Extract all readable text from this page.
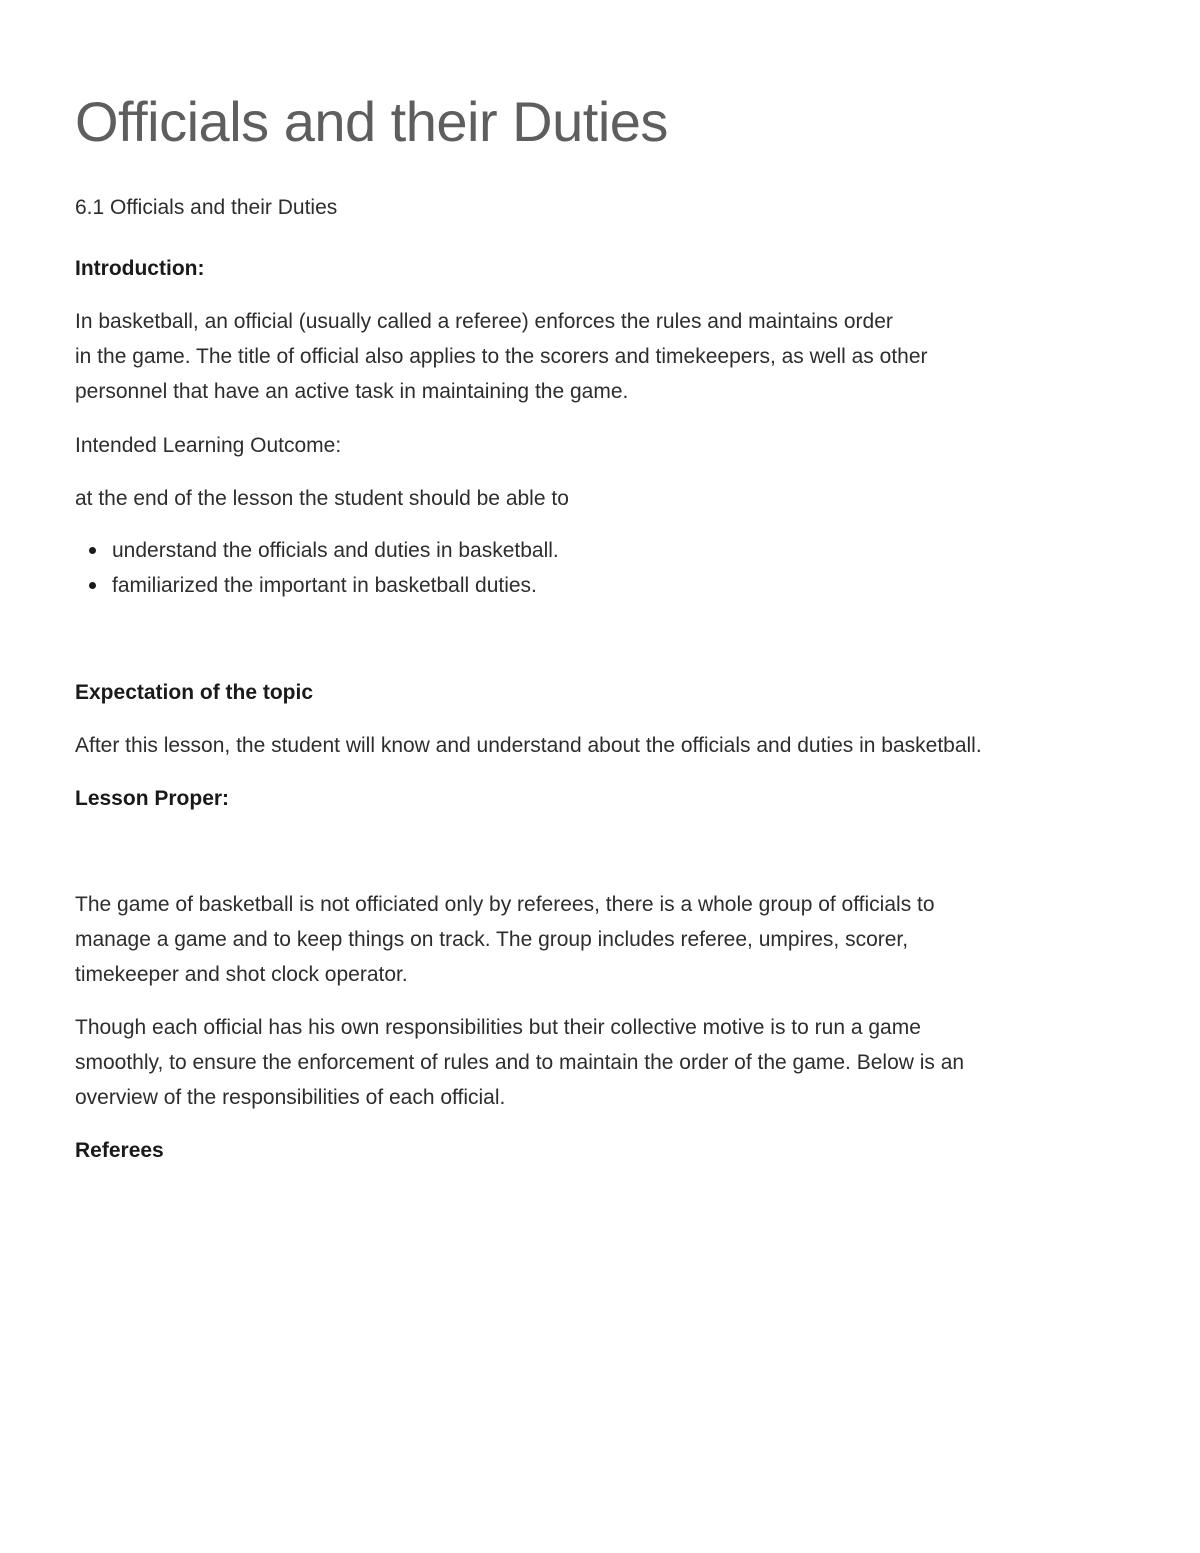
Officials and their Duties

6.1 Officials and their Duties

Introduction:

In basketball, an official (usually called a referee) enforces the rules and maintains order
in the game. The title of official also applies to the scorers and timekeepers, as well as other
personnel that have an active task in maintaining the game.

Intended Learning Outcome:

at the end of the lesson the student should be able to

understand the officials and duties in basketball.
familiarized the important in basketball duties.

Expectation of the topic

After this lesson, the student will know and understand about the officials and duties in basketball.

Lesson Proper:

The game of basketball is not officiated only by referees, there is a whole group of officials to
manage a game and to keep things on track. The group includes referee, umpires, scorer,
timekeeper and shot clock operator.

Though each official has his own responsibilities but their collective motive is to run a game
smoothly, to ensure the enforcement of rules and to maintain the order of the game. Below is an
overview of the responsibilities of each official.

Referees
